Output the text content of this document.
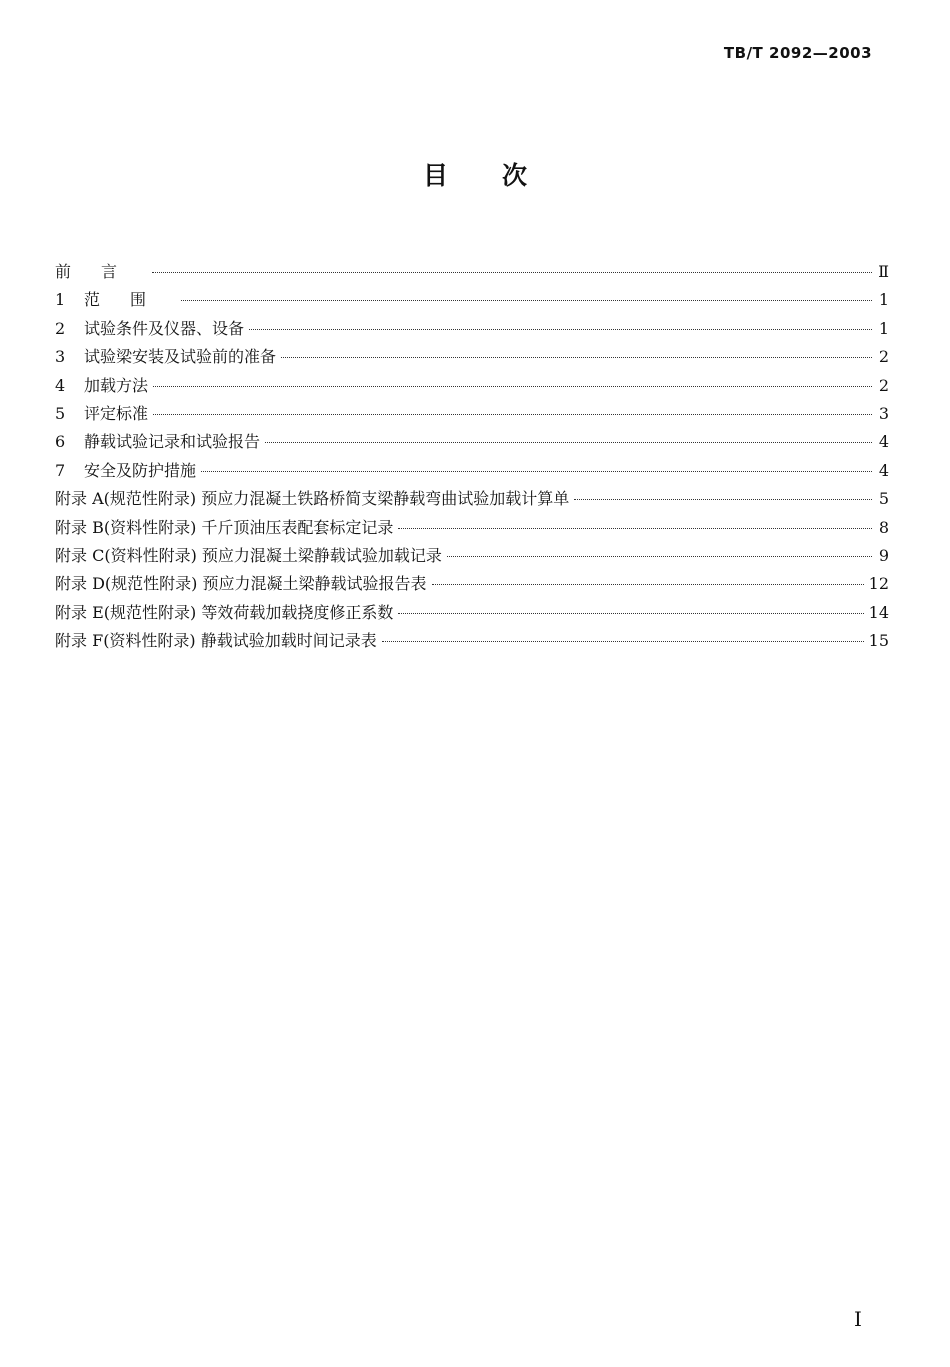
TB/T 2092—2003
目 次
前言	Ⅱ
1	范围	1
2	试验条件及仪器、设备	1
3	试验梁安装及试验前的准备	2
4	加载方法	2
5	评定标准	3
6	静载试验记录和试验报告	4
7	安全及防护措施	4
附录 A(规范性附录) 预应力混凝土铁路桥简支梁静载弯曲试验加载计算单	5
附录 B(资料性附录) 千斤顶油压表配套标定记录	8
附录 C(资料性附录) 预应力混凝土梁静载试验加载记录	9
附录 D(规范性附录) 预应力混凝土梁静载试验报告表	12
附录 E(规范性附录) 等效荷载加载挠度修正系数	14
附录 F(资料性附录) 静载试验加载时间记录表	15
I
